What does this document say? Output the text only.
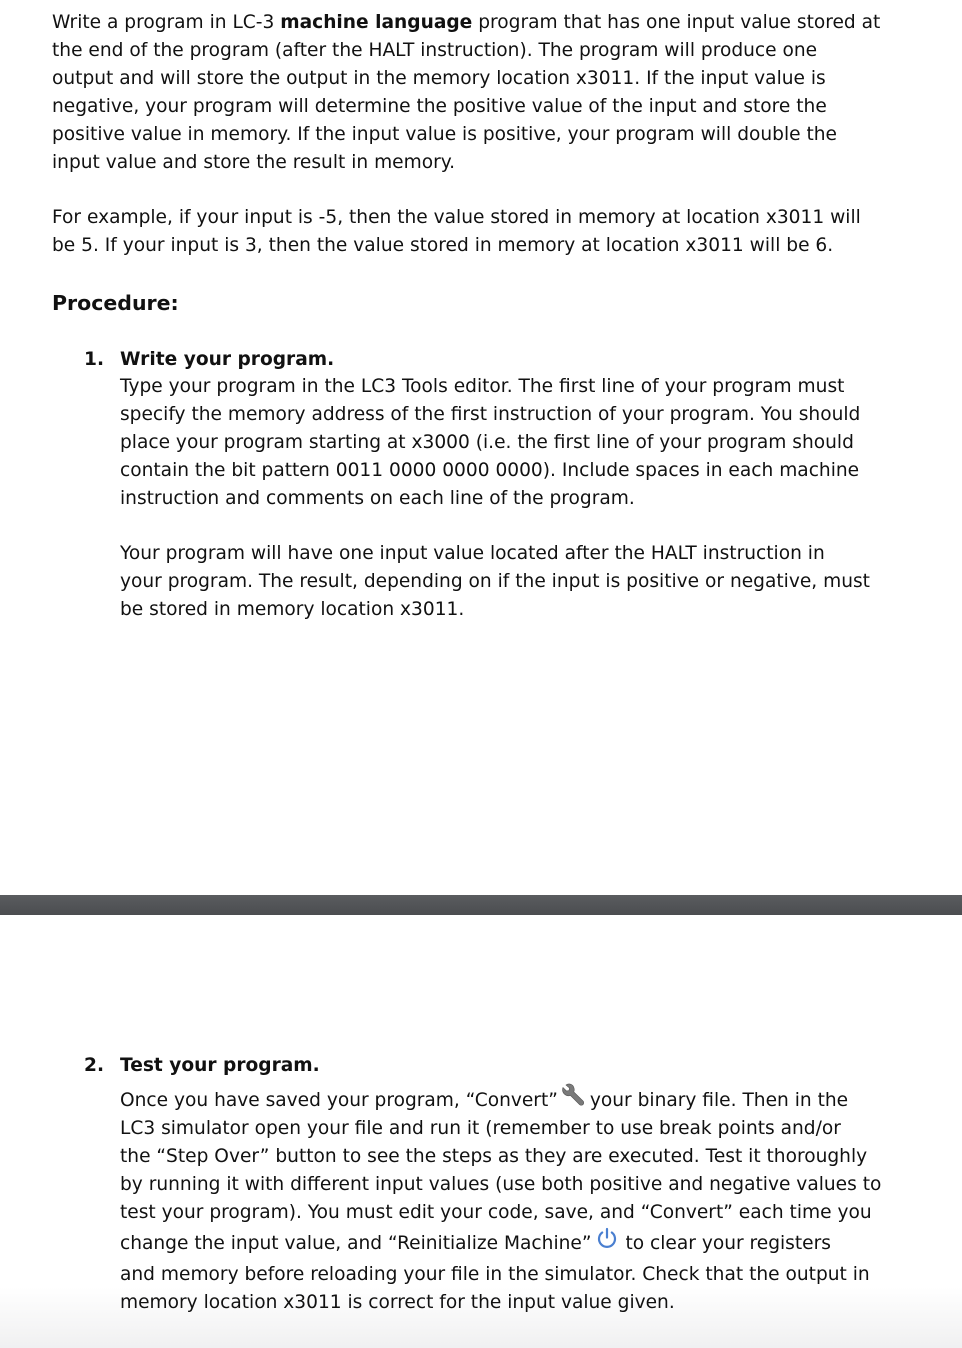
Write a program in LC-3 machine language program that has one input value stored at
the end of the program (after the HALT instruction). The program will produce one
output and will store the output in the memory location x3011. If the input value is
negative, your program will determine the positive value of the input and store the
positive value in memory. If the input value is positive, your program will double the
input value and store the result in memory.
For example, if your input is -5, then the value stored in memory at location x3011 will
be 5. If your input is 3, then the value stored in memory at location x3011 will be 6.
Procedure:
1. Write your program.
Type your program in the LC3 Tools editor. The first line of your program must
specify the memory address of the first instruction of your program. You should
place your program starting at x3000 (i.e. the first line of your program should
contain the bit pattern 0011 0000 0000 0000). Include spaces in each machine
instruction and comments on each line of the program.
Your program will have one input value located after the HALT instruction in
your program. The result, depending on if the input is positive or negative, must
be stored in memory location x3011.
2. Test your program.
Once you have saved your program, “Convert” your binary file. Then in the
LC3 simulator open your file and run it (remember to use break points and/or
the “Step Over” button to see the steps as they are executed. Test it thoroughly
by running it with different input values (use both positive and negative values to
test your program). You must edit your code, save, and “Convert” each time you
change the input value, and “Reinitialize Machine” to clear your registers
and memory before reloading your file in the simulator. Check that the output in
memory location x3011 is correct for the input value given.
